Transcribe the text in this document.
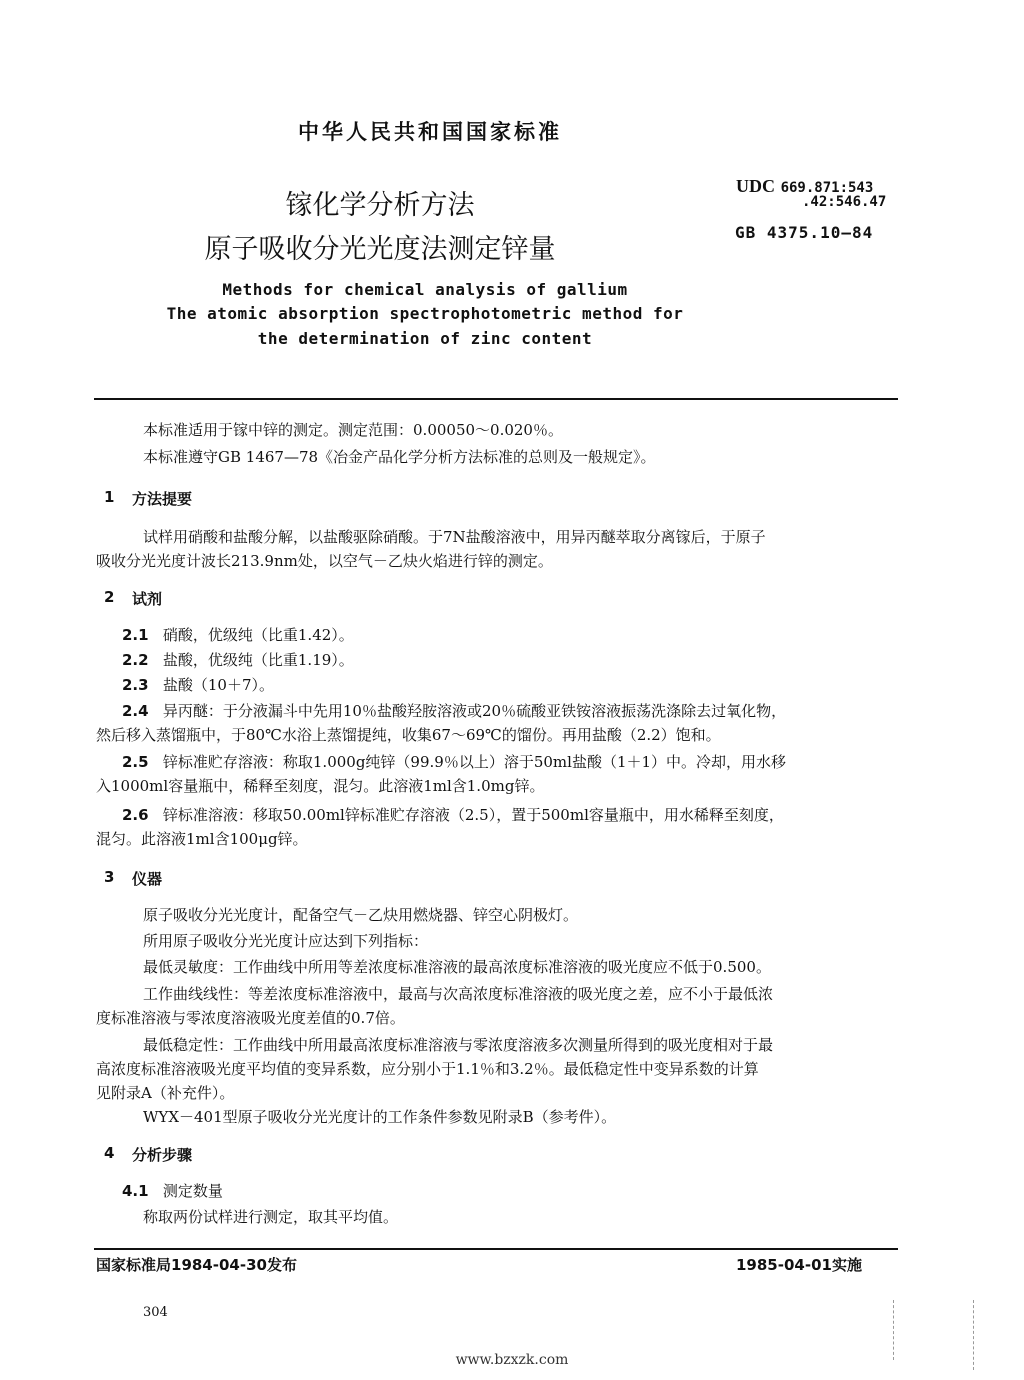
中华人民共和国国家标准
镓化学分析方法
原子吸收分光光度法测定锌量
UDC 669.871:543
.42:546.47
GB 4375.10—84
Methods for chemical analysis of gallium
The atomic absorption spectrophotometric method for
the determination of zinc content
本标准适用于镓中锌的测定。测定范围：0.00050～0.020％。
本标准遵守GB 1467—78《冶金产品化学分析方法标准的总则及一般规定》。
1 方法提要
试样用硝酸和盐酸分解，以盐酸驱除硝酸。于7N盐酸溶液中，用异丙醚萃取分离镓后，于原子
吸收分光光度计波长213.9nm处，以空气－乙炔火焰进行锌的测定。
2 试剂
2.1 硝酸，优级纯（比重1.42）。
2.2 盐酸，优级纯（比重1.19）。
2.3 盐酸（10＋7）。
2.4 异丙醚：于分液漏斗中先用10％盐酸羟胺溶液或20％硫酸亚铁铵溶液振荡洗涤除去过氧化物，
然后移入蒸馏瓶中，于80℃水浴上蒸馏提纯，收集67～69℃的馏份。再用盐酸（2.2）饱和。
2.5 锌标准贮存溶液：称取1.000g纯锌（99.9％以上）溶于50ml盐酸（1＋1）中。冷却，用水移
入1000ml容量瓶中，稀释至刻度，混匀。此溶液1ml含1.0mg锌。
2.6 锌标准溶液：移取50.00ml锌标准贮存溶液（2.5），置于500ml容量瓶中，用水稀释至刻度，
混匀。此溶液1ml含100μg锌。
3 仪器
原子吸收分光光度计，配备空气－乙炔用燃烧器、锌空心阴极灯。
所用原子吸收分光光度计应达到下列指标：
最低灵敏度：工作曲线中所用等差浓度标准溶液的最高浓度标准溶液的吸光度应不低于0.500。
工作曲线线性：等差浓度标准溶液中，最高与次高浓度标准溶液的吸光度之差，应不小于最低浓
度标准溶液与零浓度溶液吸光度差值的0.7倍。
最低稳定性：工作曲线中所用最高浓度标准溶液与零浓度溶液多次测量所得到的吸光度相对于最
高浓度标准溶液吸光度平均值的变异系数，应分别小于1.1％和3.2％。最低稳定性中变异系数的计算
见附录A（补充件）。
WYX－401型原子吸收分光光度计的工作条件参数见附录B（参考件）。
4 分析步骤
4.1 测定数量
称取两份试样进行测定，取其平均值。
国家标准局1984-04-30发布	1985-04-01实施
304
www.bzxzk.com
